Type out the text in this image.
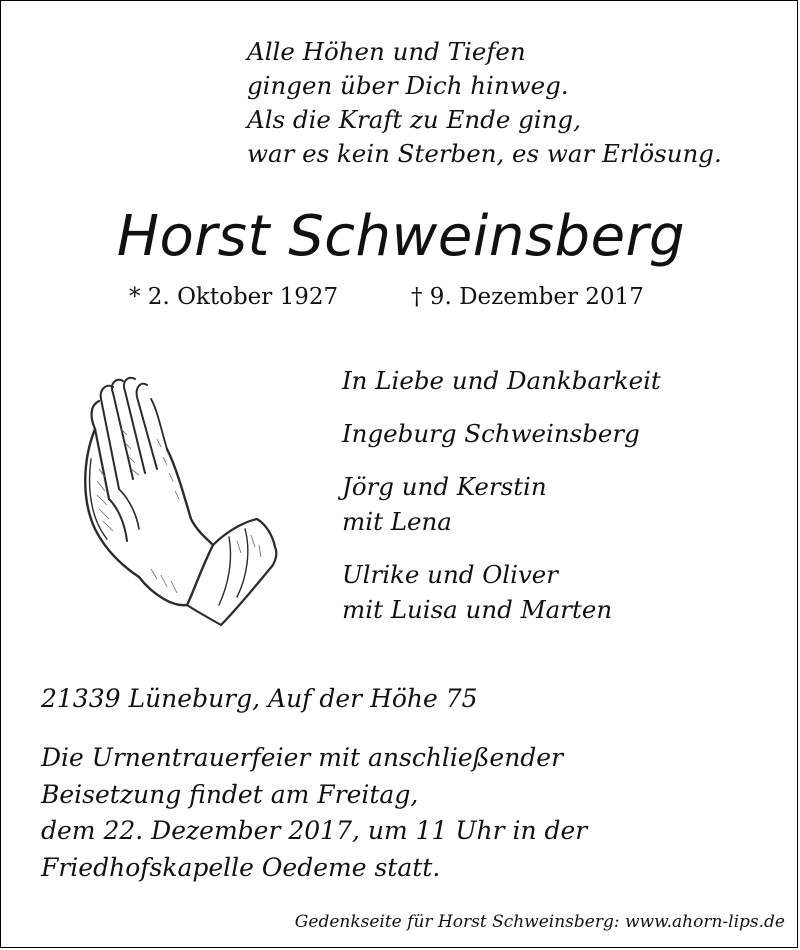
Alle Höhen und Tiefen
gingen über Dich hinweg.
Als die Kraft zu Ende ging,
war es kein Sterben, es war Erlösung.
Horst Schweinsberg
* 2. Oktober 1927	† 9. Dezember 2017
In Liebe und Dankbarkeit
Ingeburg Schweinsberg
Jörg und Kerstin
mit Lena
Ulrike und Oliver
mit Luisa und Marten
21339 Lüneburg, Auf der Höhe 75
Die Urnentrauerfeier mit anschließender
Beisetzung findet am Freitag,
dem 22. Dezember 2017, um 11 Uhr in der
Friedhofskapelle Oedeme statt.
Gedenkseite für Horst Schweinsberg: www.ahorn-lips.de
